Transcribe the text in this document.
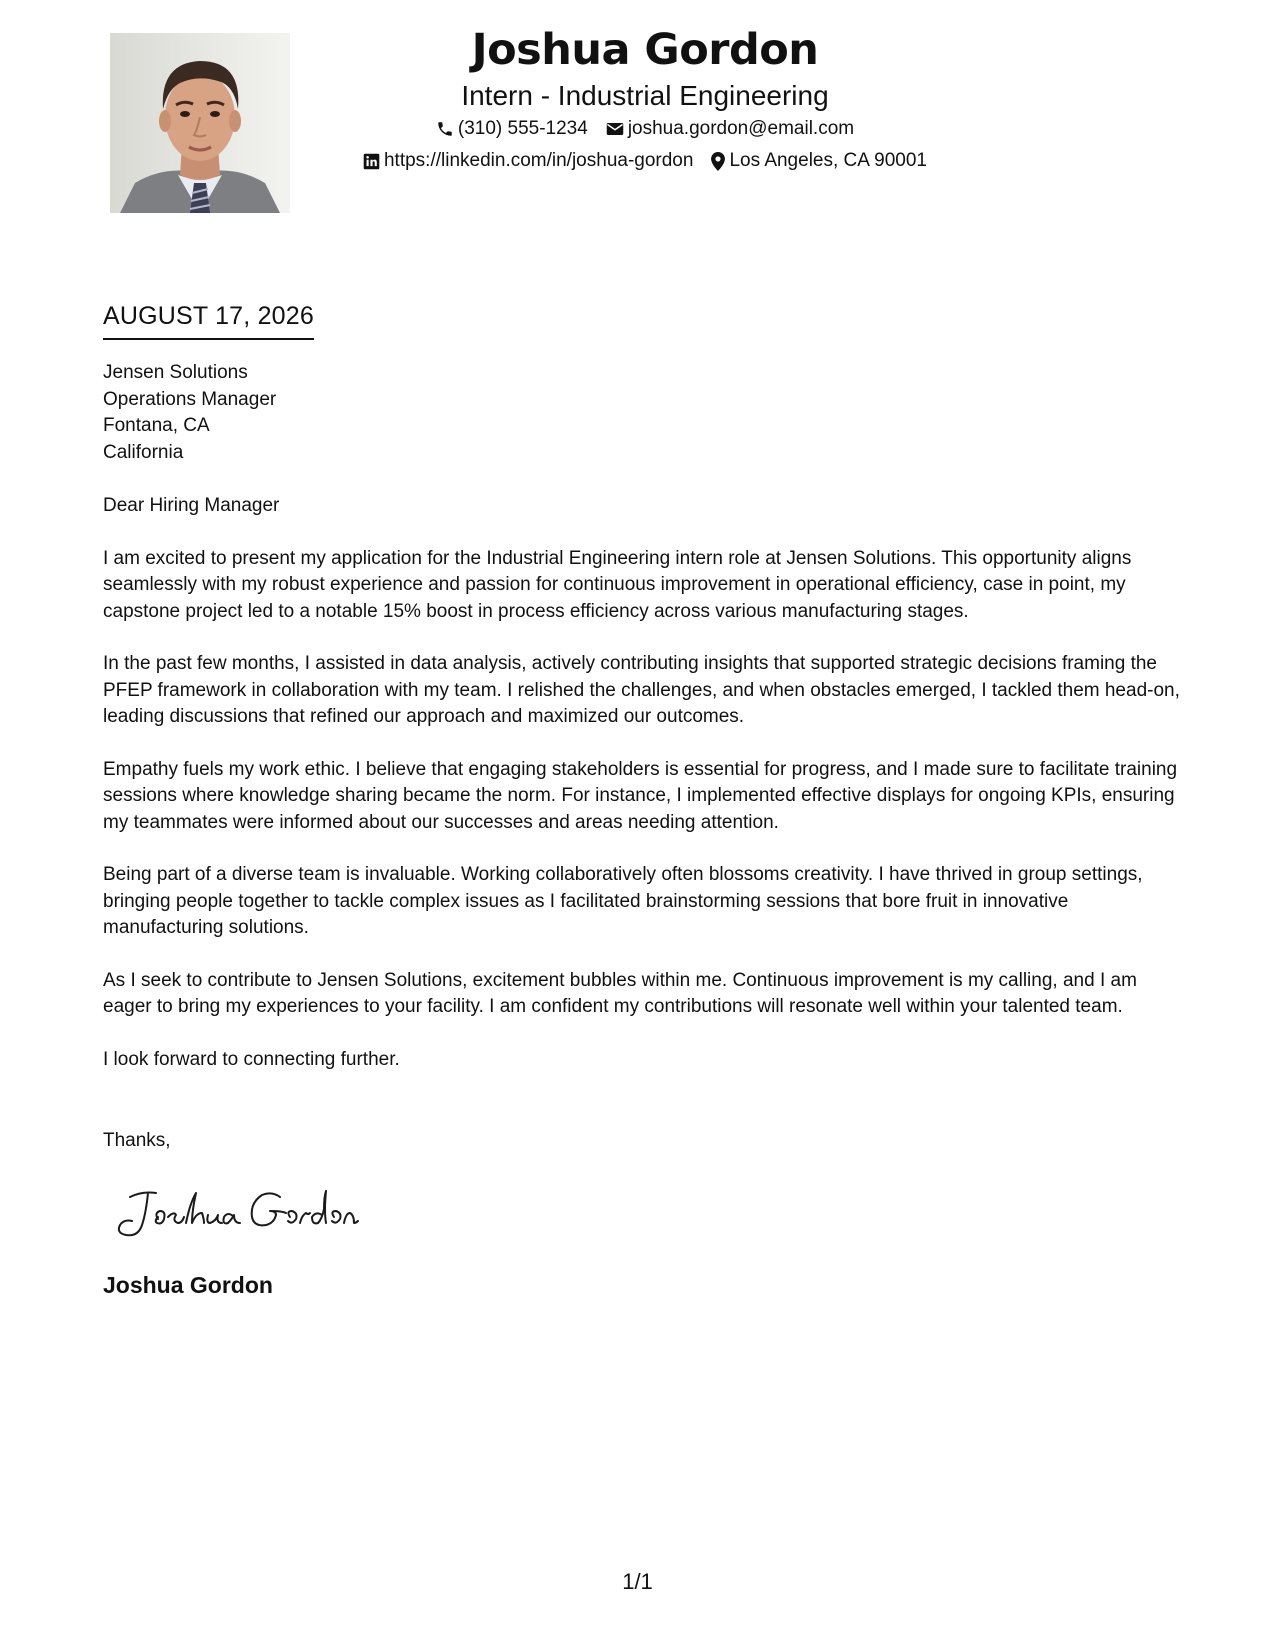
Joshua Gordon
Intern - Industrial Engineering
(310) 555-1234 joshua.gordon@email.com
https://linkedin.com/in/joshua-gordon Los Angeles, CA 90001
AUGUST 17, 2026
Jensen Solutions
Operations Manager
Fontana, CA
California

Dear Hiring Manager

I am excited to present my application for the Industrial Engineering intern role at Jensen Solutions. This opportunity aligns seamlessly with my robust experience and passion for continuous improvement in operational efficiency, case in point, my capstone project led to a notable 15% boost in process efficiency across various manufacturing stages.

In the past few months, I assisted in data analysis, actively contributing insights that supported strategic decisions framing the PFEP framework in collaboration with my team. I relished the challenges, and when obstacles emerged, I tackled them head-on, leading discussions that refined our approach and maximized our outcomes.

Empathy fuels my work ethic. I believe that engaging stakeholders is essential for progress, and I made sure to facilitate training sessions where knowledge sharing became the norm. For instance, I implemented effective displays for ongoing KPIs, ensuring my teammates were informed about our successes and areas needing attention.

Being part of a diverse team is invaluable. Working collaboratively often blossoms creativity. I have thrived in group settings, bringing people together to tackle complex issues as I facilitated brainstorming sessions that bore fruit in innovative manufacturing solutions.

As I seek to contribute to Jensen Solutions, excitement bubbles within me. Continuous improvement is my calling, and I am eager to bring my experiences to your facility. I am confident my contributions will resonate well within your talented team.

I look forward to connecting further.

Thanks,
Joshua Gordon
1/1
